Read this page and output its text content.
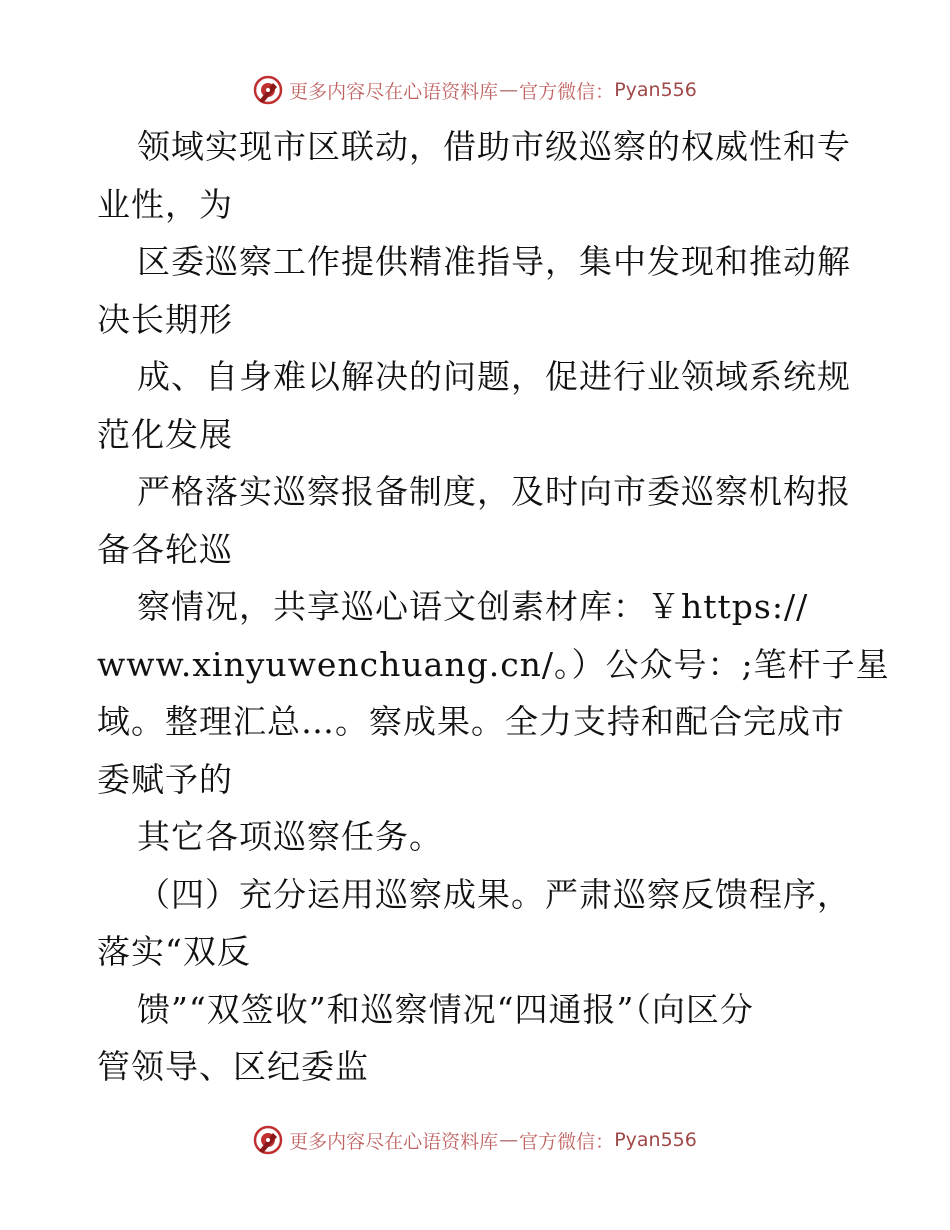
更多内容尽在心语资料库 — 官方微信： Pyan556
领域实现市区联动，借助市级巡察的权威性和专
业性，为
区委巡察工作提供精准指导，集中发现和推动解
决长期形
成、自身难以解决的问题，促进行业领域系统规
范化发展
严格落实巡察报备制度，及时向市委巡察机构报
备各轮巡
察情况，共享巡心语文创素材库：￥https://
www.xinyuwenchuang.cn/。）公众号：;笔杆子星
域。整理汇总…。察成果。全力支持和配合完成市
委赋予的
其它各项巡察任务。
（四）充分运用巡察成果。严肃巡察反馈程序，
落实“双反
馈”“双签收”和巡察情况“四通报”（向区分
管领导、区纪委监
更多内容尽在心语资料库 — 官方微信： Pyan556
